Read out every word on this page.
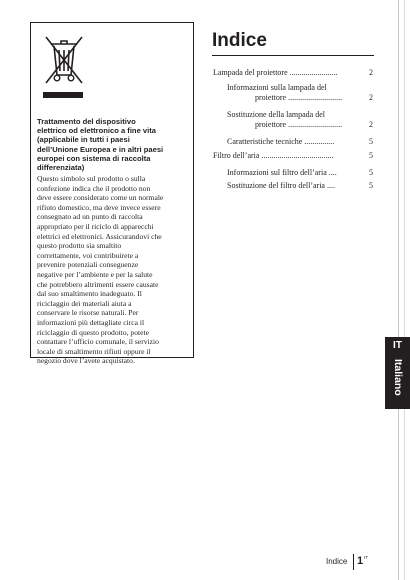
Trattamento del dispositivo
elettrico od elettronico a fine vita
(applicabile in tutti i paesi
dell’Unione Europea e in altri paesi
europei con sistema di raccolta
differenziata)

Questo simbolo sul prodotto o sulla
confezione indica che il prodotto non
deve essere considerato come un normale
rifiuto domestico, ma deve invece essere
consegnato ad un punto di raccolta
appropriato per il riciclo di apparecchi
elettrici ed elettronici. Assicurandovi che
questo prodotto sia smaltito
correttamente, voi contribuirete a
prevenire potenziali conseguenze
negative per l’ambiente e per la salute
che potrebbero altrimenti essere causate
dal suo smaltimento inadeguato. Il
riciclaggio dei materiali aiuta a
conservare le risorse naturali. Per
informazioni più dettagliate circa il
riciclaggio di questo prodotto, potete
contattare l’ufficio comunale, il servizio
locale di smaltimento rifiuti oppure il
negozio dove l’avete acquistato.

Indice
Lampada del proiettore ........................	2
Informazioni sulla lampada del
proiettore ...........................	2
Sostituzione della lampada del
proiettore ...........................	2
Caratteristiche tecniche ...............	5
Filtro dell’aria ....................................	5
Informazioni sul filtro dell’aria ....	5
Sostituzione del filtro dell’aria ....	5
IT
Italiano
Indice 1 IT
